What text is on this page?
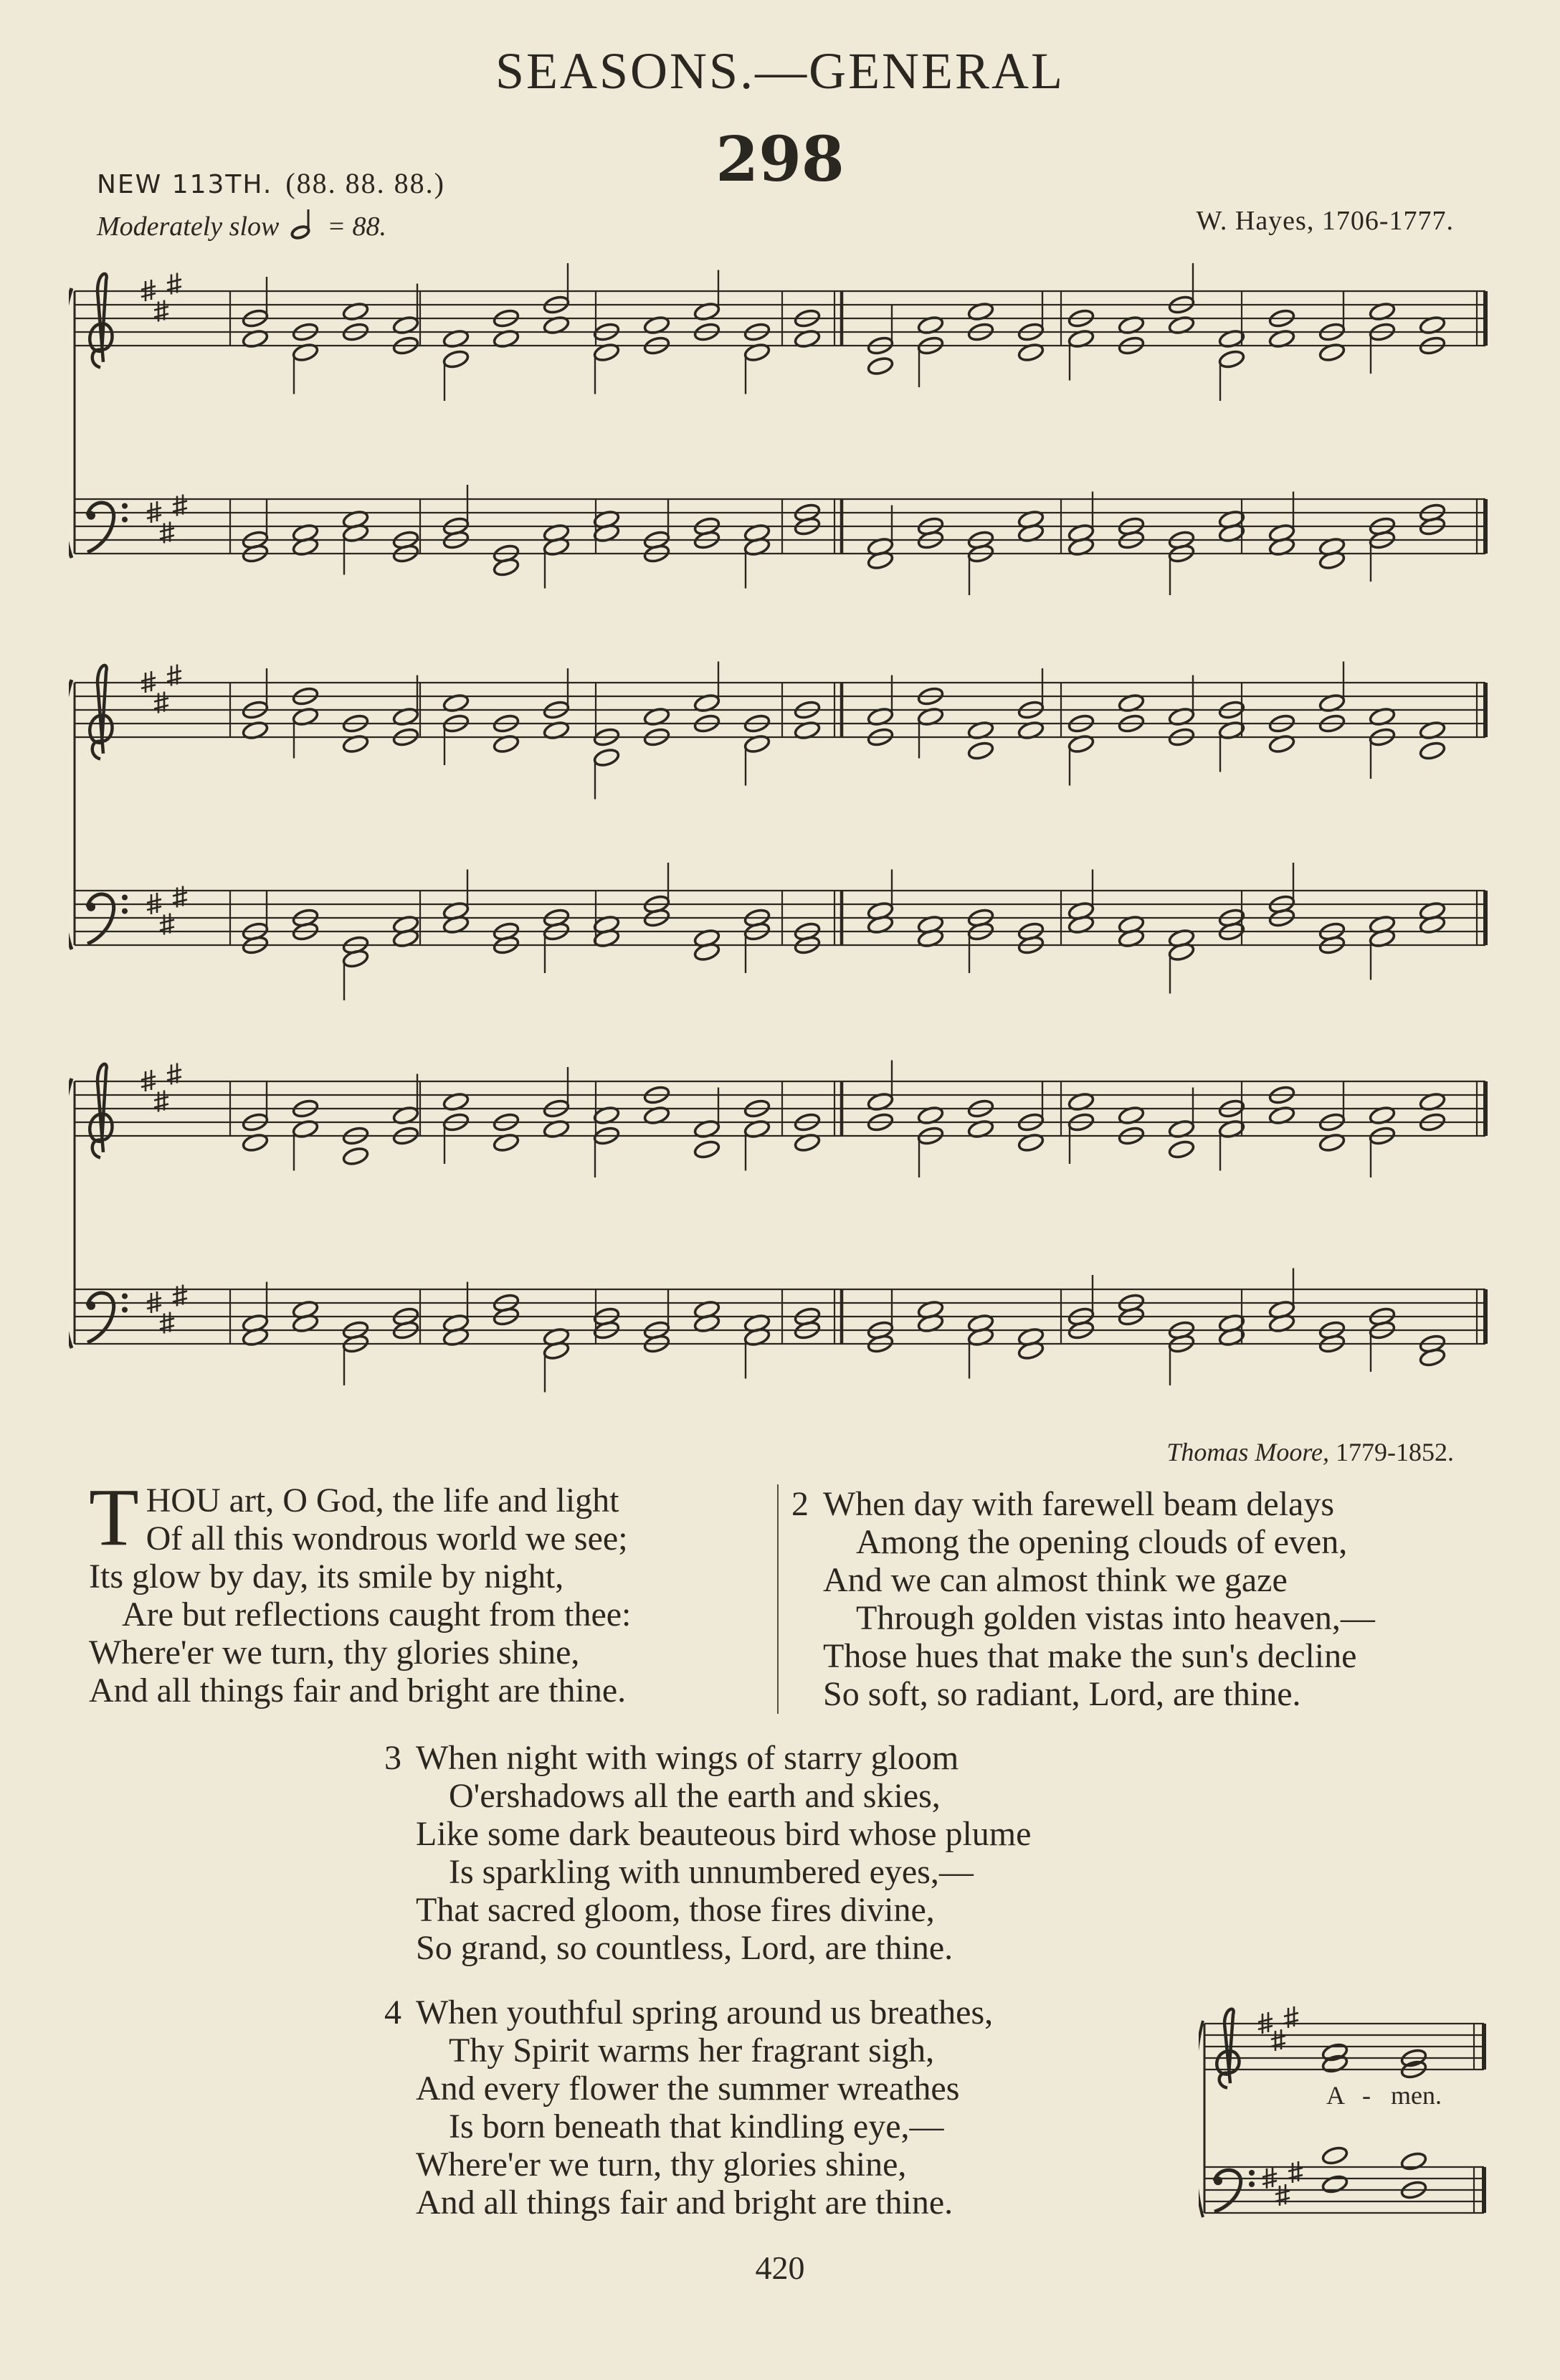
SEASONS.—GENERAL
298
NEW 113TH. (88. 88. 88.)
Moderately slow = 88.	W. Hayes, 1706-1777.
Thomas Moore, 1779-1852.
T HOU art, O God, the life and light
Of all this wondrous world we see;
Its glow by day, its smile by night,
Are but reflections caught from thee:
Where'er we turn, thy glories shine,
And all things fair and bright are thine.
2 When day with farewell beam delays
Among the opening clouds of even,
And we can almost think we gaze
Through golden vistas into heaven,—
Those hues that make the sun's decline
So soft, so radiant, Lord, are thine.
3 When night with wings of starry gloom
O'ershadows all the earth and skies,
Like some dark beauteous bird whose plume
Is sparkling with unnumbered eyes,—
That sacred gloom, those fires divine,
So grand, so countless, Lord, are thine.
4 When youthful spring around us breathes,
Thy Spirit warms her fragrant sigh,
And every flower the summer wreathes
Is born beneath that kindling eye,—
Where'er we turn, thy glories shine,
And all things fair and bright are thine.
A - men.
420
